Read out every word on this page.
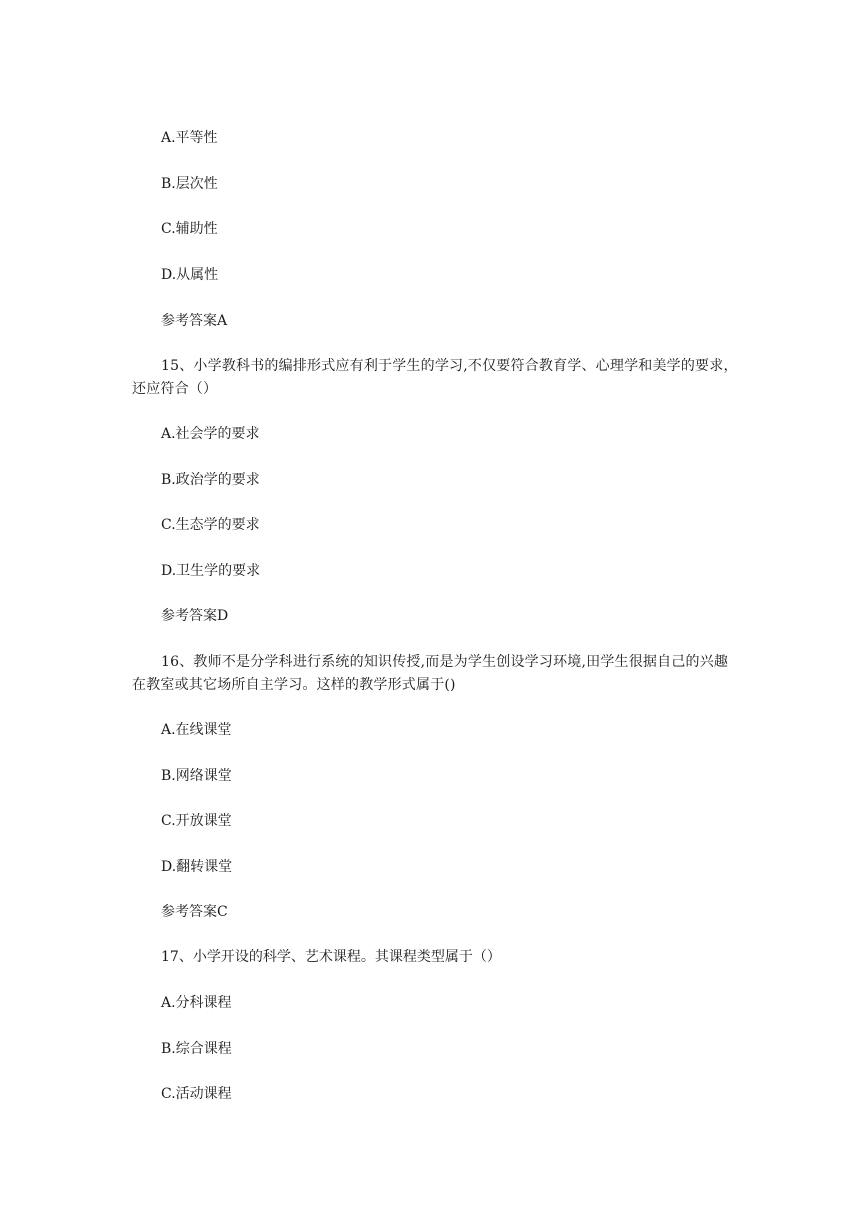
A.平等性
B.层次性
C.辅助性
D.从属性
参考答案A
15、小学教科书的编排形式应有利于学生的学习,不仅要符合教育学、心理学和美学的要求，还应符合（）
A.社会学的要求
B.政治学的要求
C.生态学的要求
D.卫生学的要求
参考答案D
16、教师不是分学科进行系统的知识传授,而是为学生创设学习环境,田学生很据自己的兴趣在教室或其它场所自主学习。这样的教学形式属于()
A.在线课堂
B.网络课堂
C.开放课堂
D.翻转课堂
参考答案C
17、小学开设的科学、艺术课程。其课程类型属于（）
A.分科课程
B.综合课程
C.活动课程
